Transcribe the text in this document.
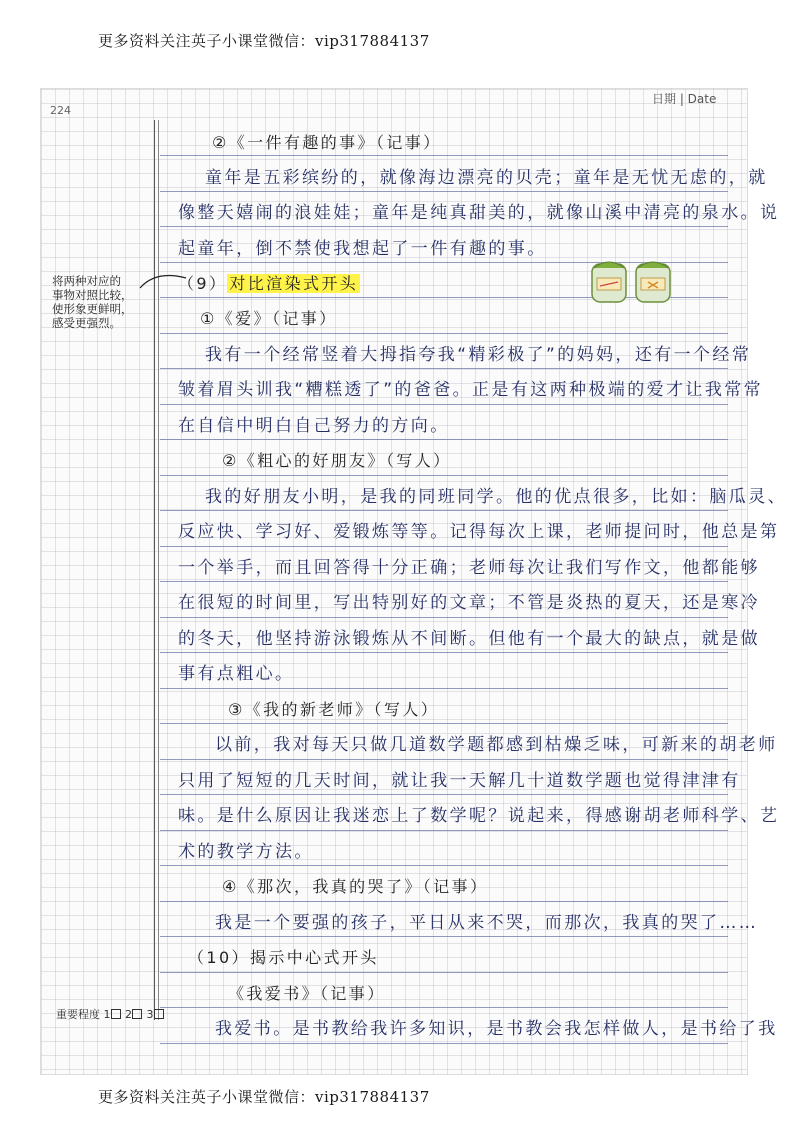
更多资料关注英子小课堂微信：vip317884137
224
日期 | Date
将两种对应的
事物对照比较，
使形象更鲜明，
感受更强烈。
②《一件有趣的事》（记事）
童年是五彩缤纷的，就像海边漂亮的贝壳；童年是无忧无虑的，就
像整天嬉闹的浪娃娃；童年是纯真甜美的，就像山溪中清亮的泉水。说
起童年，倒不禁使我想起了一件有趣的事。
（9） 对比渲染式开头
①《爱》（记事）
我有一个经常竖着大拇指夸我“精彩极了”的妈妈，还有一个经常
皱着眉头训我“糟糕透了”的爸爸。正是有这两种极端的爱才让我常常
在自信中明白自己努力的方向。
②《粗心的好朋友》（写人）
我的好朋友小明，是我的同班同学。他的优点很多，比如：脑瓜灵、
反应快、学习好、爱锻炼等等。记得每次上课，老师提问时，他总是第
一个举手，而且回答得十分正确；老师每次让我们写作文，他都能够
在很短的时间里，写出特别好的文章；不管是炎热的夏天，还是寒冷
的冬天，他坚持游泳锻炼从不间断。但他有一个最大的缺点，就是做
事有点粗心。
③《我的新老师》（写人）
以前，我对每天只做几道数学题都感到枯燥乏味，可新来的胡老师
只用了短短的几天时间，就让我一天解几十道数学题也觉得津津有
味。是什么原因让我迷恋上了数学呢？说起来，得感谢胡老师科学、艺
术的教学方法。
④《那次，我真的哭了》（记事）
我是一个要强的孩子，平日从来不哭，而那次，我真的哭了……
（10）揭示中心式开头
《我爱书》（记事）
我爱书。是书教给我许多知识，是书教会我怎样做人，是书给了我
重要程度 1 2 3
更多资料关注英子小课堂微信：vip317884137
